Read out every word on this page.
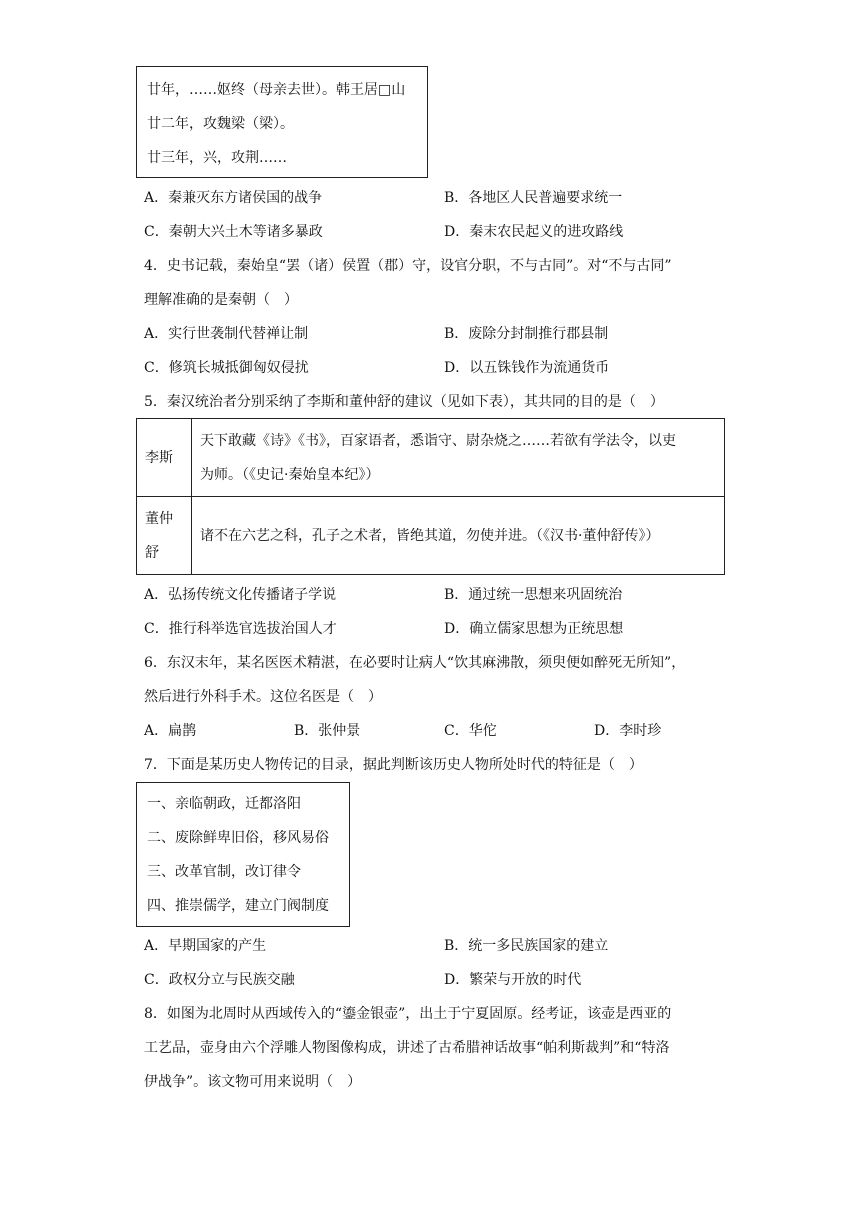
廿年，……妪终（母亲去世）。韩王居□山
廿二年，攻魏梁（梁）。
廿三年，兴，攻荆……
A．秦兼灭东方诸侯国的战争	B．各地区人民普遍要求统一
C．秦朝大兴土木等诸多暴政	D．秦末农民起义的进攻路线
4．史书记载，秦始皇“罢（诸）侯置（郡）守，设官分职，不与古同”。对“不与古同”
理解准确的是秦朝（　）
A．实行世袭制代替禅让制	B．废除分封制推行郡县制
C．修筑长城抵御匈奴侵扰	D．以五铢钱作为流通货币
5．秦汉统治者分别采纳了李斯和董仲舒的建议（见如下表），其共同的目的是（　）
李斯	天下敢藏《诗》《书》，百家语者，悉诣守、尉杂烧之……若欲有学法令，以吏
为师。（《史记·秦始皇本纪》）

董仲
舒	诸不在六艺之科，孔子之术者，皆绝其道，勿使并进。（《汉书·董仲舒传》）
A．弘扬传统文化传播诸子学说	B．通过统一思想来巩固统治
C．推行科举选官选拔治国人才	D．确立儒家思想为正统思想
6．东汉末年，某名医医术精湛，在必要时让病人“饮其麻沸散，须臾便如醉死无所知”，
然后进行外科手术。这位名医是（　）
A．扁鹊	B．张仲景	C．华佗	D．李时珍
7．下面是某历史人物传记的目录，据此判断该历史人物所处时代的特征是（　）
一、亲临朝政，迁都洛阳
二、废除鲜卑旧俗，移风易俗
三、改革官制，改订律令
四、推崇儒学，建立门阀制度
A．早期国家的产生	B．统一多民族国家的建立
C．政权分立与民族交融	D．繁荣与开放的时代
8．如图为北周时从西域传入的“鎏金银壶”，出土于宁夏固原。经考证，该壶是西亚的
工艺品，壶身由六个浮雕人物图像构成，讲述了古希腊神话故事“帕利斯裁判”和“特洛
伊战争”。该文物可用来说明（　）
